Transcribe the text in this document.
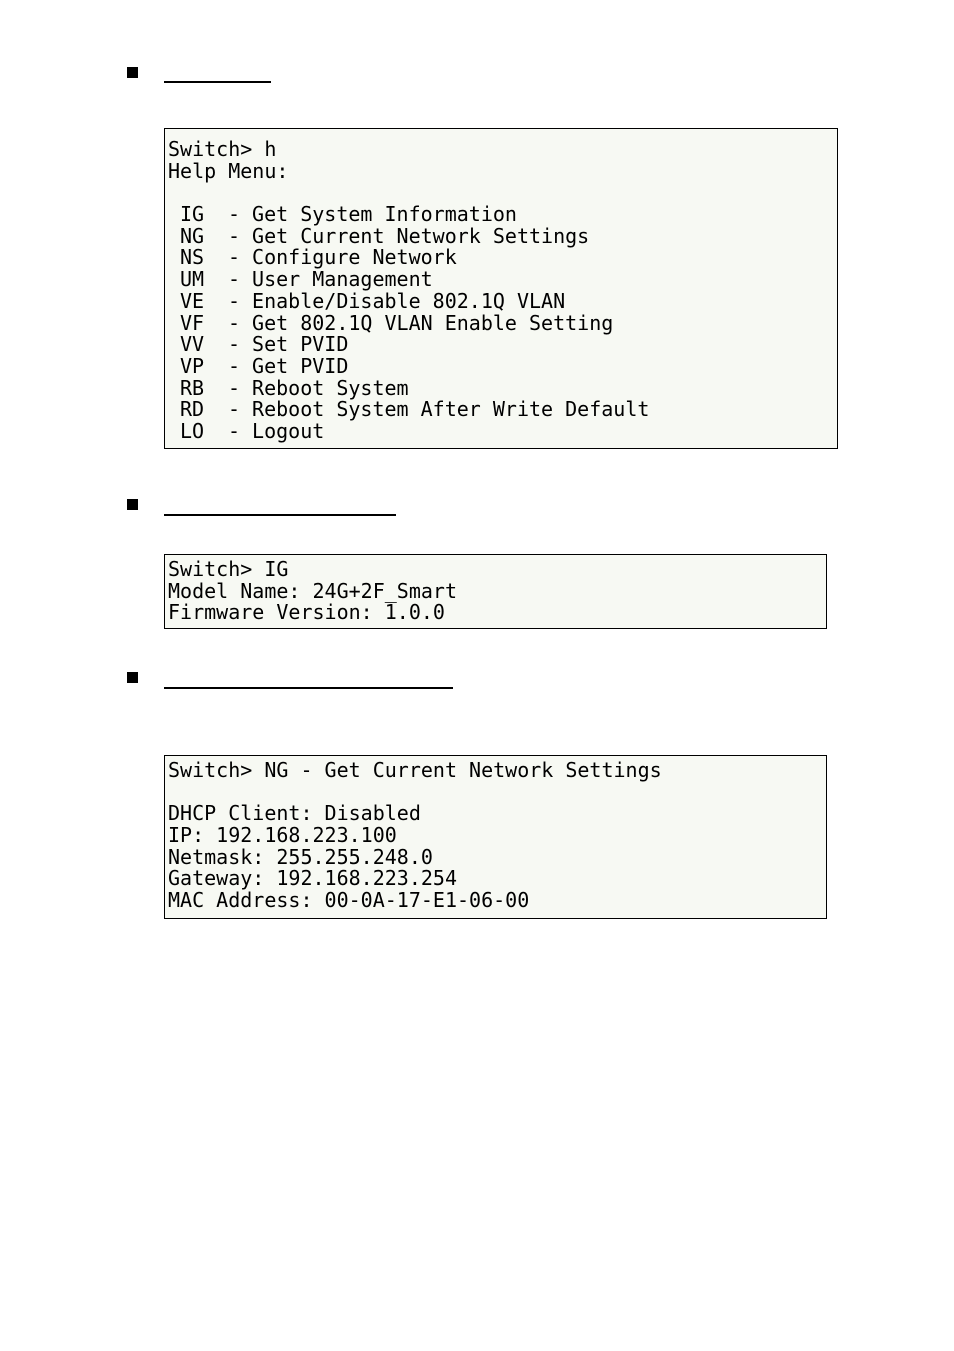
Switch> h
Help Menu:
IG - Get System Information
NG - Get Current Network Settings
NS - Configure Network
UM - User Management
VE - Enable/Disable 802.1Q VLAN
VF - Get 802.1Q VLAN Enable Setting
VV - Set PVID
VP - Get PVID
RB - Reboot System
RD - Reboot System After Write Default
LO - Logout
Switch> IG
Model Name: 24G+2F_Smart
Firmware Version: 1.0.0
Switch> NG - Get Current Network Settings
DHCP Client: Disabled
IP: 192.168.223.100
Netmask: 255.255.248.0
Gateway: 192.168.223.254
MAC Address: 00-0A-17-E1-06-00
